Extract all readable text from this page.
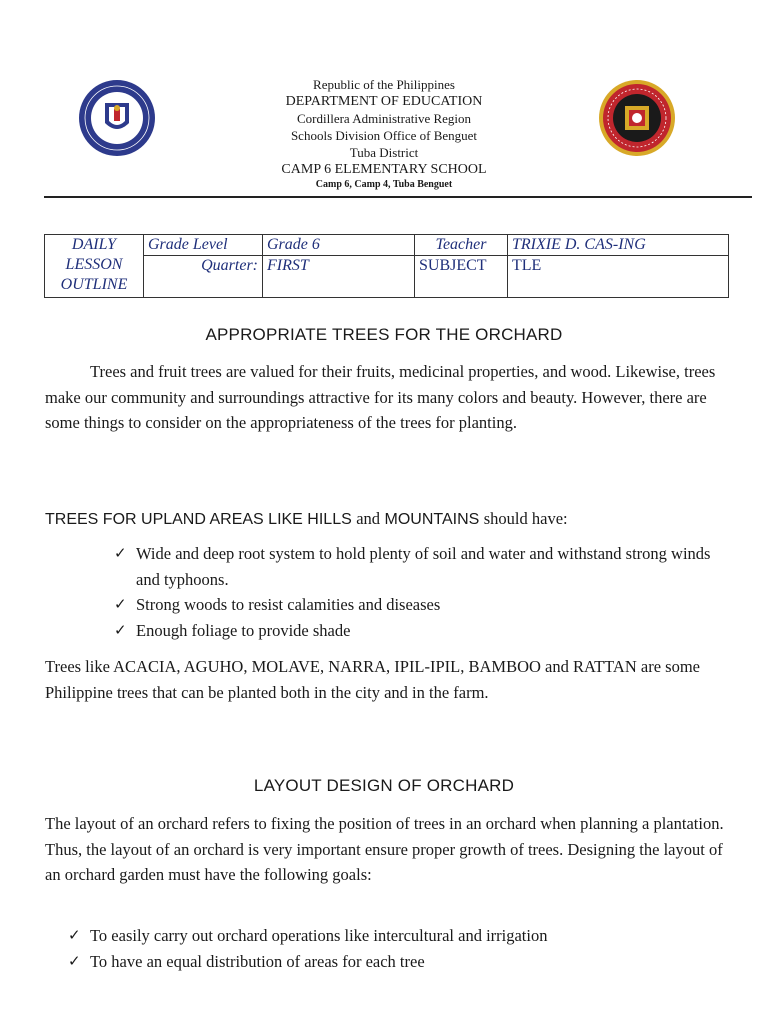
Republic of the Philippines

DEPARTMENT OF EDUCATION

Cordillera Administrative Region

Schools Division Office of Benguet

Tuba District

CAMP 6 ELEMENTARY SCHOOL

Camp 6, Camp 4, Tuba Benguet

DAILY
LESSON
OUTLINE	Grade Level	Grade 6	Teacher	TRIXIE D. CAS-ING
	Quarter:	FIRST	SUBJECT	TLE
APPROPRIATE TREES FOR THE ORCHARD

Trees and fruit trees are valued for their fruits, medicinal properties, and wood. Likewise, trees make our community and surroundings attractive for its many colors and beauty. However, there are some things to consider on the appropriateness of the trees for planting.

TREES FOR UPLAND AREAS LIKE HILLS and MOUNTAINS should have:

✓ Wide and deep root system to hold plenty of soil and water and withstand strong winds and typhoons.
✓ Strong woods to resist calamities and diseases
✓ Enough foliage to provide shade

Trees like ACACIA, AGUHO, MOLAVE, NARRA, IPIL-IPIL, BAMBOO and RATTAN are some Philippine trees that can be planted both in the city and in the farm.

LAYOUT DESIGN OF ORCHARD

The layout of an orchard refers to fixing the position of trees in an orchard when planning a plantation. Thus, the layout of an orchard is very important ensure proper growth of trees. Designing the layout of an orchard garden must have the following goals:

✓ To easily carry out orchard operations like intercultural and irrigation
✓ To have an equal distribution of areas for each tree
